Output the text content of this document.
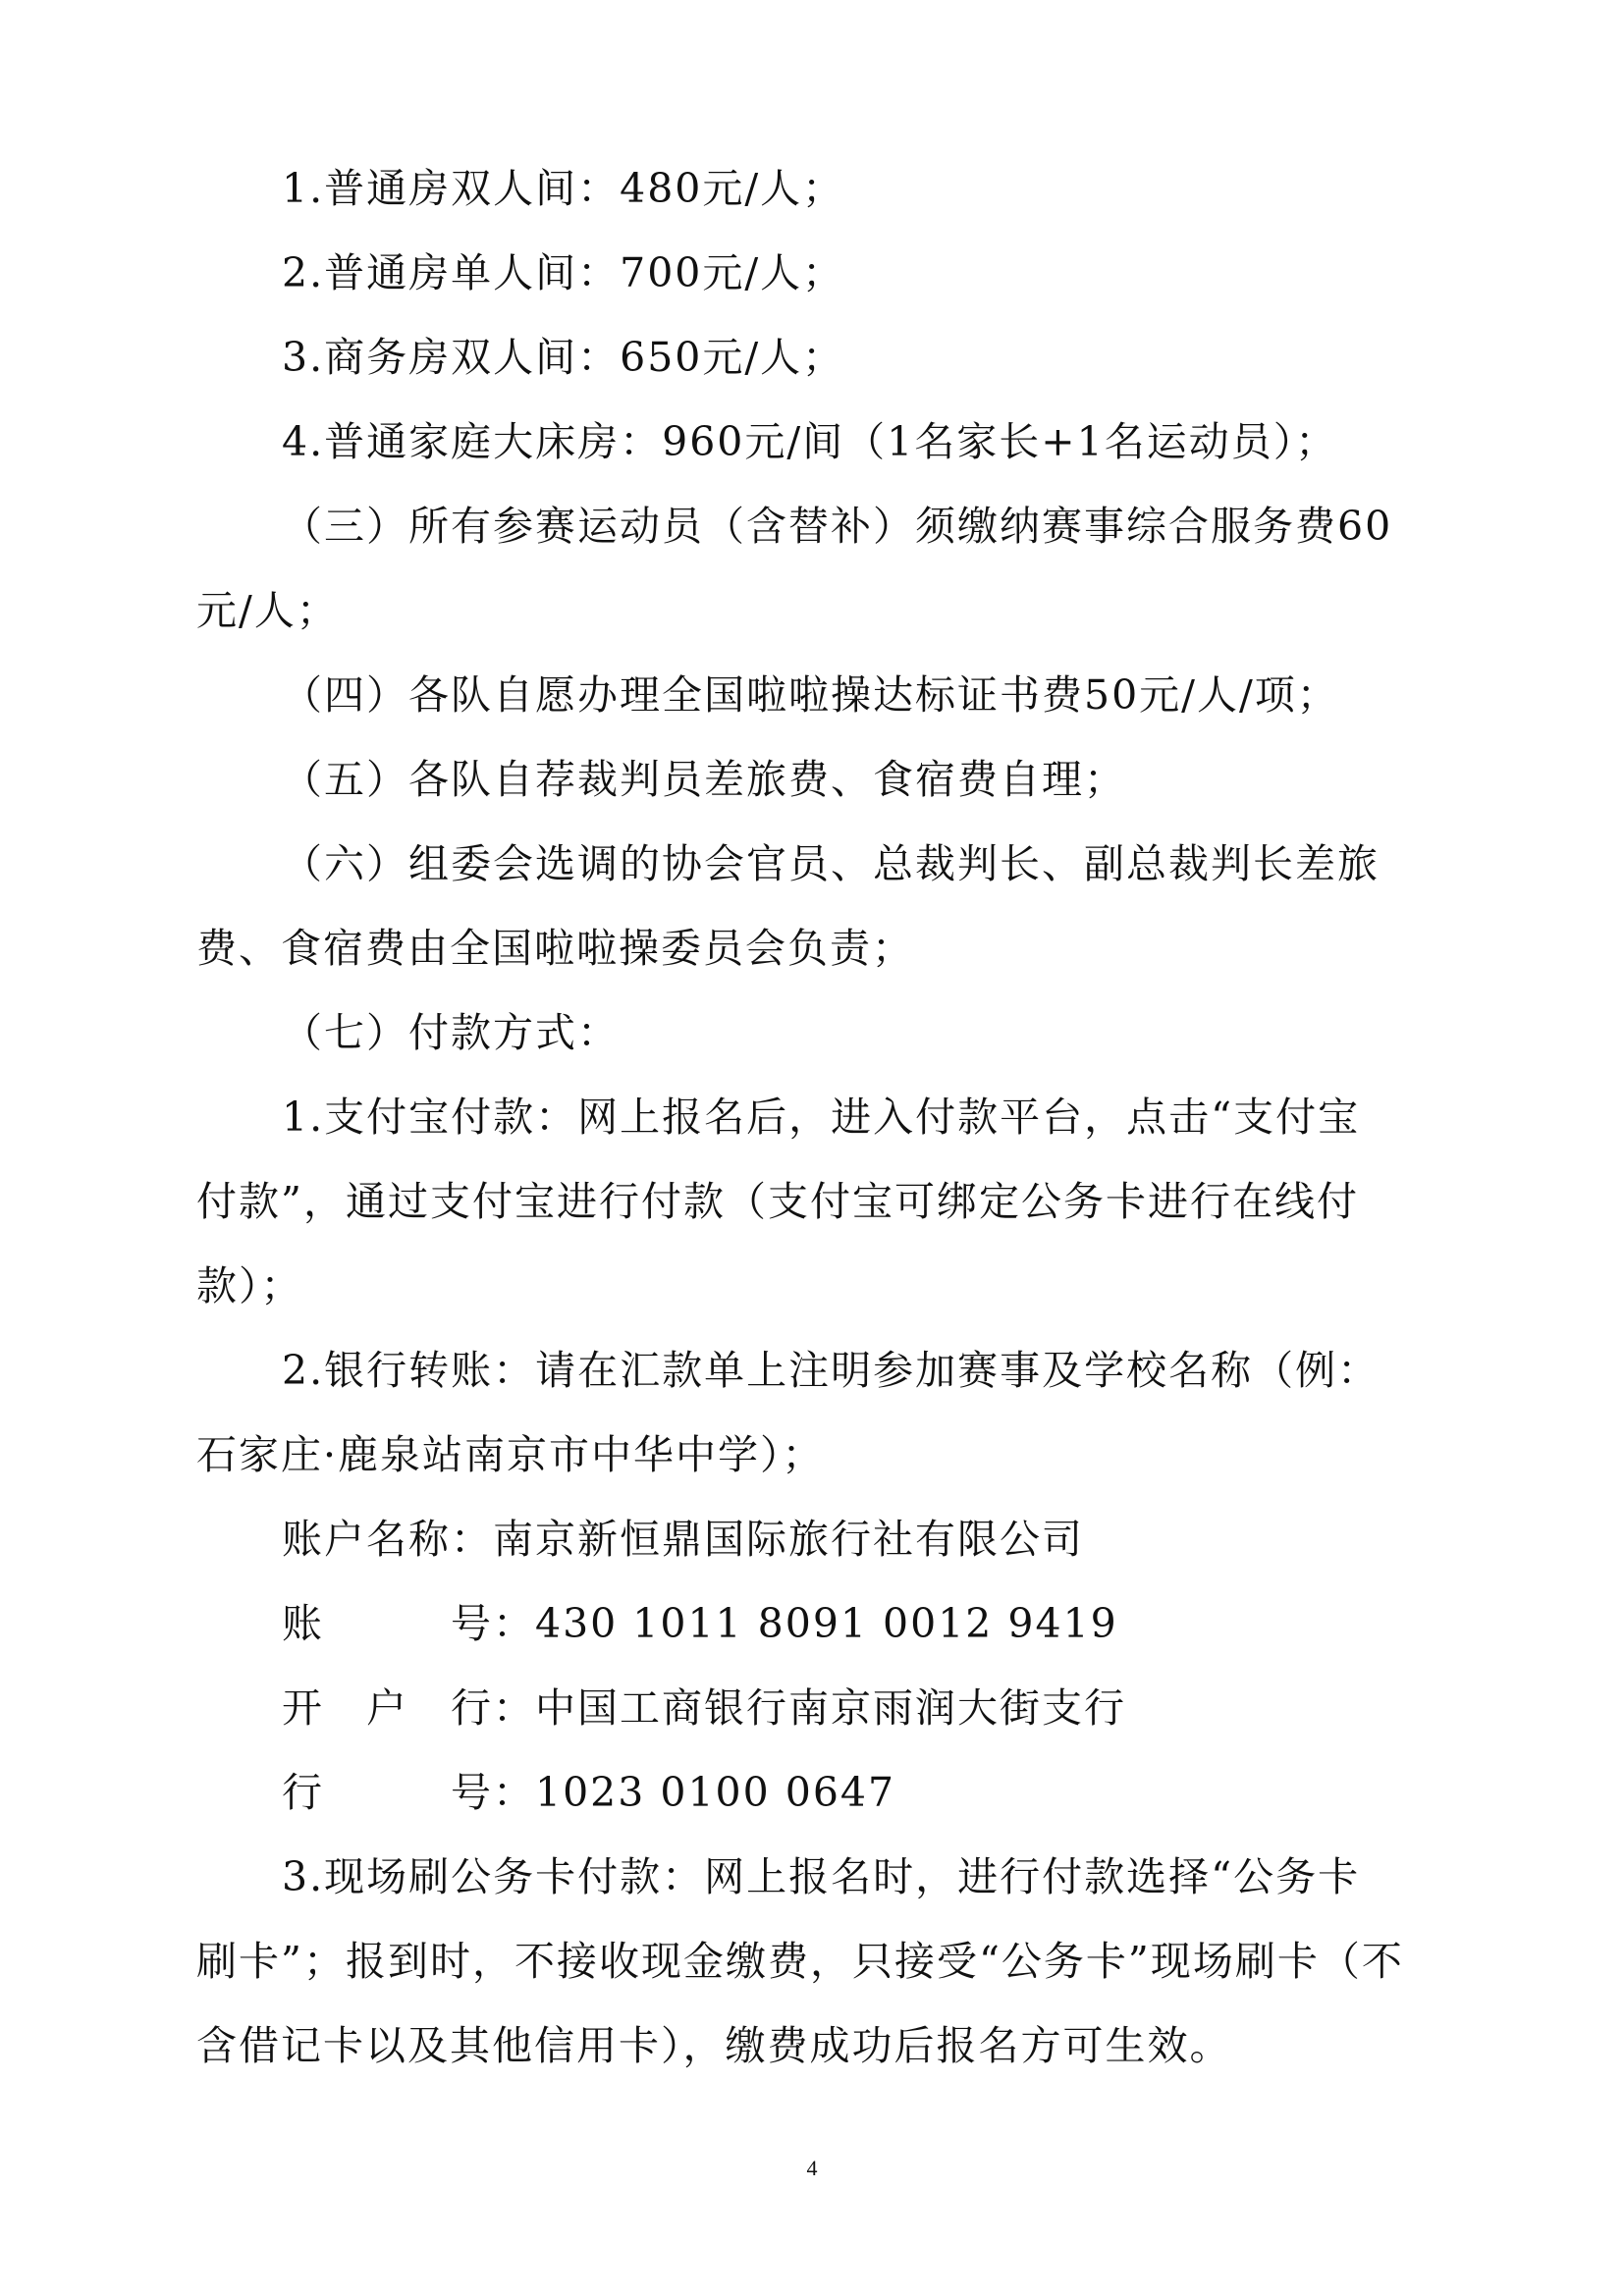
1.普通房双人间：480元/人；
2.普通房单人间：700元/人；
3.商务房双人间：650元/人；
4.普通家庭大床房：960元/间（1名家长+1名运动员）；
（三）所有参赛运动员（含替补）须缴纳赛事综合服务费60
元/人；
（四）各队自愿办理全国啦啦操达标证书费50元/人/项；
（五）各队自荐裁判员差旅费、食宿费自理；
（六）组委会选调的协会官员、总裁判长、副总裁判长差旅
费、食宿费由全国啦啦操委员会负责；
（七）付款方式：
1.支付宝付款：网上报名后，进入付款平台，点击“支付宝
付款”，通过支付宝进行付款（支付宝可绑定公务卡进行在线付
款）；
2.银行转账：请在汇款单上注明参加赛事及学校名称（例：
石家庄·鹿泉站南京市中华中学）；
账户名称：南京新恒鼎国际旅行社有限公司
账　　　号：430 1011 8091 0012 9419
开　户　行：中国工商银行南京雨润大街支行
行　　　号：1023 0100 0647
3.现场刷公务卡付款：网上报名时，进行付款选择“公务卡
刷卡”；报到时，不接收现金缴费，只接受“公务卡”现场刷卡（不
含借记卡以及其他信用卡），缴费成功后报名方可生效。
4
